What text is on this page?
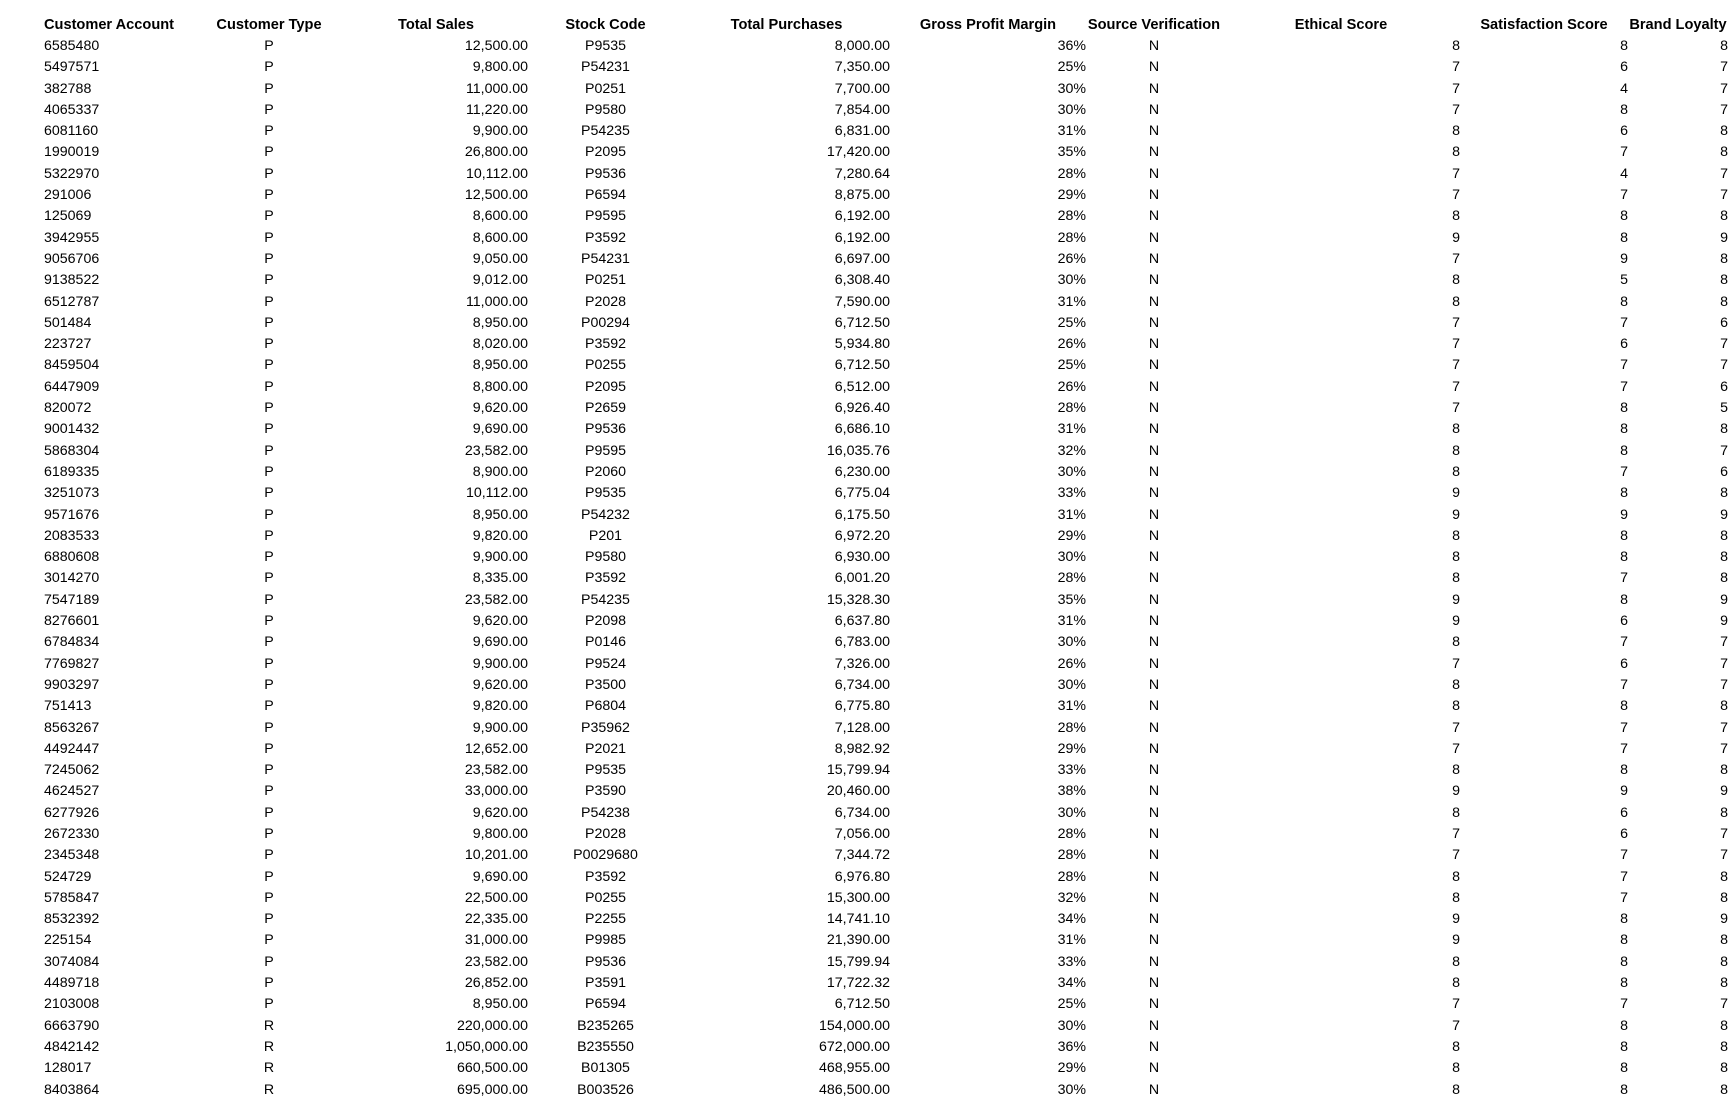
Customer Account	Customer Type	Total Sales	Stock Code	Total Purchases	Gross Profit Margin	Source Verification	Ethical Score	Satisfaction Score	Brand Loyalty
6585480	P	12,500.00	P9535	8,000.00	36%	N	8	8	8
5497571	P	9,800.00	P54231	7,350.00	25%	N	7	6	7
382788	P	11,000.00	P0251	7,700.00	30%	N	7	4	7
4065337	P	11,220.00	P9580	7,854.00	30%	N	7	8	7
6081160	P	9,900.00	P54235	6,831.00	31%	N	8	6	8
1990019	P	26,800.00	P2095	17,420.00	35%	N	8	7	8
5322970	P	10,112.00	P9536	7,280.64	28%	N	7	4	7
291006	P	12,500.00	P6594	8,875.00	29%	N	7	7	7
125069	P	8,600.00	P9595	6,192.00	28%	N	8	8	8
3942955	P	8,600.00	P3592	6,192.00	28%	N	9	8	9
9056706	P	9,050.00	P54231	6,697.00	26%	N	7	9	8
9138522	P	9,012.00	P0251	6,308.40	30%	N	8	5	8
6512787	P	11,000.00	P2028	7,590.00	31%	N	8	8	8
501484	P	8,950.00	P00294	6,712.50	25%	N	7	7	6
223727	P	8,020.00	P3592	5,934.80	26%	N	7	6	7
8459504	P	8,950.00	P0255	6,712.50	25%	N	7	7	7
6447909	P	8,800.00	P2095	6,512.00	26%	N	7	7	6
820072	P	9,620.00	P2659	6,926.40	28%	N	7	8	5
9001432	P	9,690.00	P9536	6,686.10	31%	N	8	8	8
5868304	P	23,582.00	P9595	16,035.76	32%	N	8	8	7
6189335	P	8,900.00	P2060	6,230.00	30%	N	8	7	6
3251073	P	10,112.00	P9535	6,775.04	33%	N	9	8	8
9571676	P	8,950.00	P54232	6,175.50	31%	N	9	9	9
2083533	P	9,820.00	P201	6,972.20	29%	N	8	8	8
6880608	P	9,900.00	P9580	6,930.00	30%	N	8	8	8
3014270	P	8,335.00	P3592	6,001.20	28%	N	8	7	8
7547189	P	23,582.00	P54235	15,328.30	35%	N	9	8	9
8276601	P	9,620.00	P2098	6,637.80	31%	N	9	6	9
6784834	P	9,690.00	P0146	6,783.00	30%	N	8	7	7
7769827	P	9,900.00	P9524	7,326.00	26%	N	7	6	7
9903297	P	9,620.00	P3500	6,734.00	30%	N	8	7	7
751413	P	9,820.00	P6804	6,775.80	31%	N	8	8	8
8563267	P	9,900.00	P35962	7,128.00	28%	N	7	7	7
4492447	P	12,652.00	P2021	8,982.92	29%	N	7	7	7
7245062	P	23,582.00	P9535	15,799.94	33%	N	8	8	8
4624527	P	33,000.00	P3590	20,460.00	38%	N	9	9	9
6277926	P	9,620.00	P54238	6,734.00	30%	N	8	6	8
2672330	P	9,800.00	P2028	7,056.00	28%	N	7	6	7
2345348	P	10,201.00	P0029680	7,344.72	28%	N	7	7	7
524729	P	9,690.00	P3592	6,976.80	28%	N	8	7	8
5785847	P	22,500.00	P0255	15,300.00	32%	N	8	7	8
8532392	P	22,335.00	P2255	14,741.10	34%	N	9	8	9
225154	P	31,000.00	P9985	21,390.00	31%	N	9	8	8
3074084	P	23,582.00	P9536	15,799.94	33%	N	8	8	8
4489718	P	26,852.00	P3591	17,722.32	34%	N	8	8	8
2103008	P	8,950.00	P6594	6,712.50	25%	N	7	7	7
6663790	R	220,000.00	B235265	154,000.00	30%	N	7	8	8
4842142	R	1,050,000.00	B235550	672,000.00	36%	N	8	8	8
128017	R	660,500.00	B01305	468,955.00	29%	N	8	8	8
8403864	R	695,000.00	B003526	486,500.00	30%	N	8	8	8
